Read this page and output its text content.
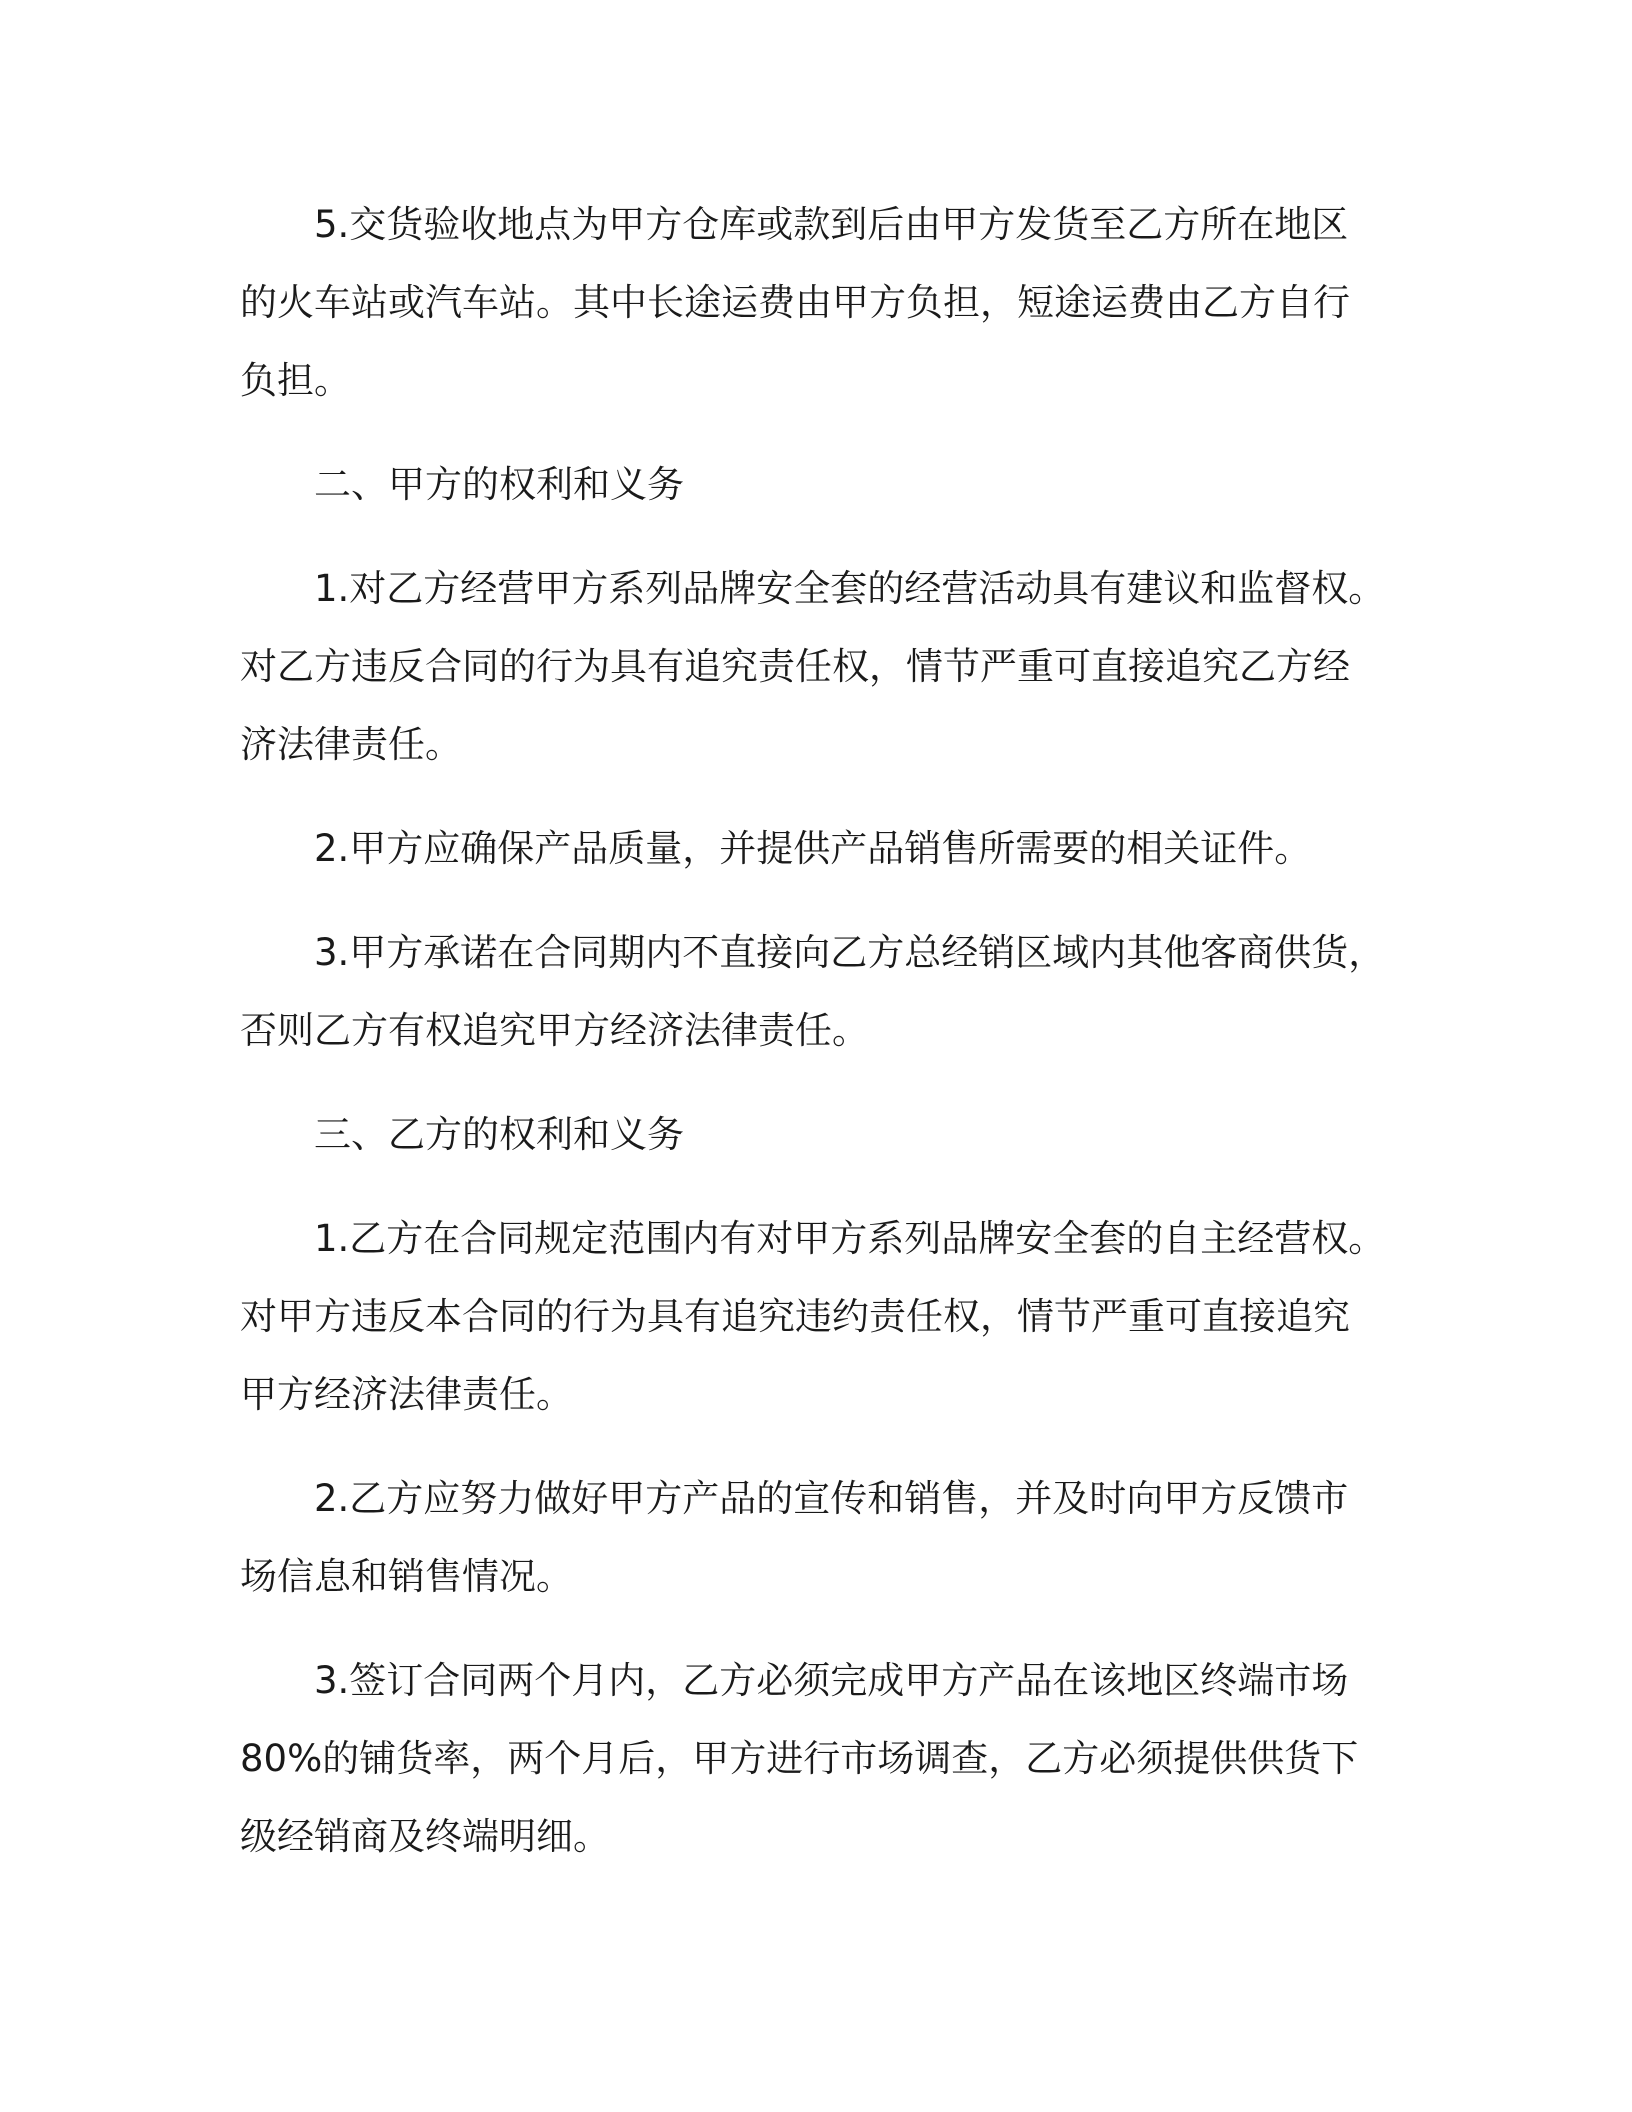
5.交货验收地点为甲方仓库或款到后由甲方发货至乙方所在地区
的火车站或汽车站。其中长途运费由甲方负担，短途运费由乙方自行
负担。

二、甲方的权利和义务

1.对乙方经营甲方系列品牌安全套的经营活动具有建议和监督权。
对乙方违反合同的行为具有追究责任权，情节严重可直接追究乙方经
济法律责任。

2.甲方应确保产品质量，并提供产品销售所需要的相关证件。

3.甲方承诺在合同期内不直接向乙方总经销区域内其他客商供货，
否则乙方有权追究甲方经济法律责任。

三、乙方的权利和义务

1.乙方在合同规定范围内有对甲方系列品牌安全套的自主经营权。
对甲方违反本合同的行为具有追究违约责任权，情节严重可直接追究
甲方经济法律责任。

2.乙方应努力做好甲方产品的宣传和销售，并及时向甲方反馈市
场信息和销售情况。

3.签订合同两个月内，乙方必须完成甲方产品在该地区终端市场
80%的铺货率，两个月后，甲方进行市场调查，乙方必须提供供货下
级经销商及终端明细。
